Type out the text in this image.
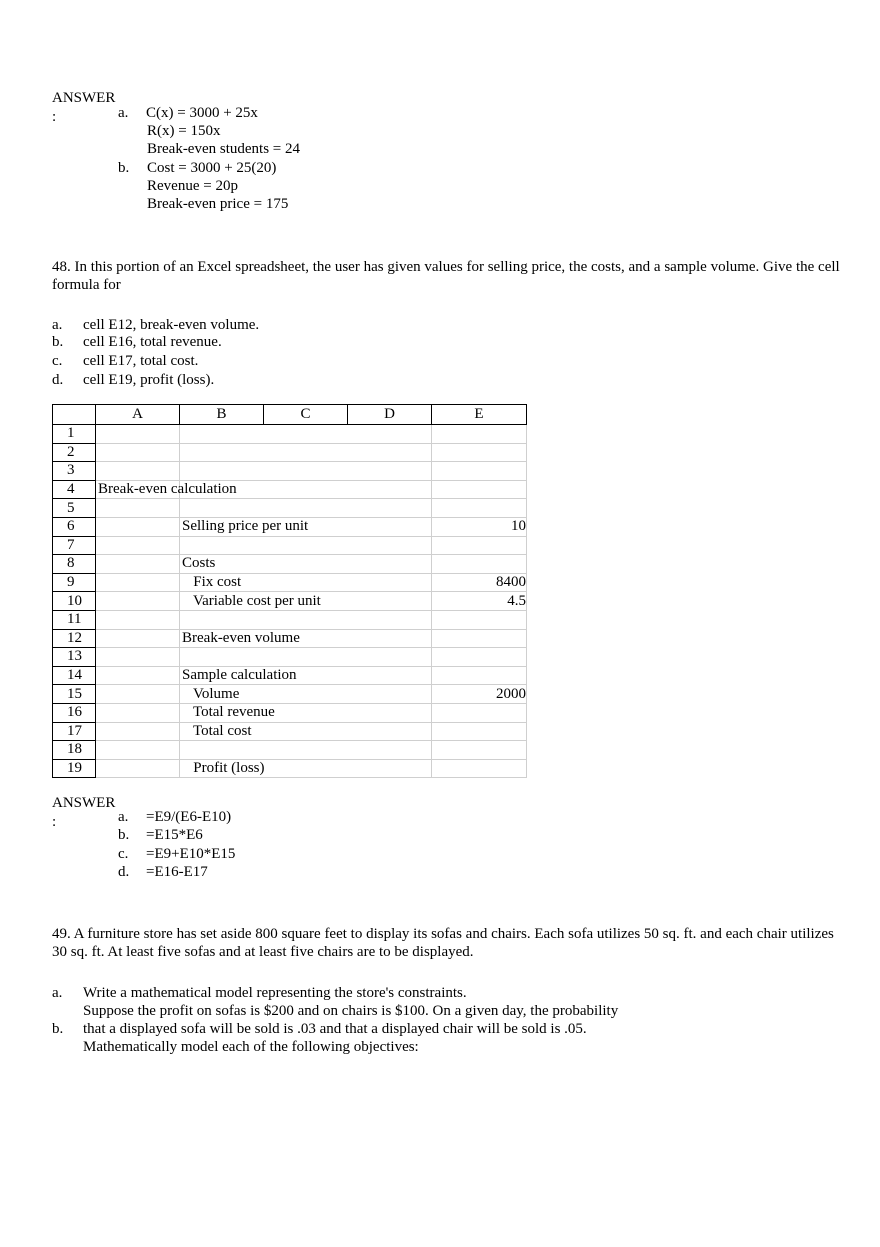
ANSWER
:	a. C(x) = 3000 + 25x
R(x) = 150x
Break-even students = 24
b. Cost = 3000 + 25(20)
Revenue = 20p
Break-even price = 175
48. In this portion of an Excel spreadsheet, the user has given values for selling price, the costs, and a sample volume. Give the cell formula for
a. cell E12, break-even volume.
b. cell E16, total revenue.
c. cell E17, total cost.
d. cell E19, profit (loss).
	A	B	C	D	E
1					
2					
3					
4	Break-even calculation				

5					
6		Selling price per unit			10
7					
8		Costs			
9		Fix cost			8400
10		Variable cost per unit			4.5
11					
12		Break-even volume			
13					
14		Sample calculation			
15		Volume			2000
16		Total revenue			
17		Total cost			
18					
19		Profit (loss)			
ANSWER
:	a. =E9/(E6-E10)
b. =E15*E6
c. =E9+E10*E15
d. =E16-E17
49. A furniture store has set aside 800 square feet to display its sofas and chairs. Each sofa utilizes 50 sq. ft. and each chair utilizes 30 sq. ft. At least five sofas and at least five chairs are to be displayed.
a. Write a mathematical model representing the store's constraints.
Suppose the profit on sofas is $200 and on chairs is $100. On a given day, the probability
b. that a displayed sofa will be sold is .03 and that a displayed chair will be sold is .05.
Mathematically model each of the following objectives:
